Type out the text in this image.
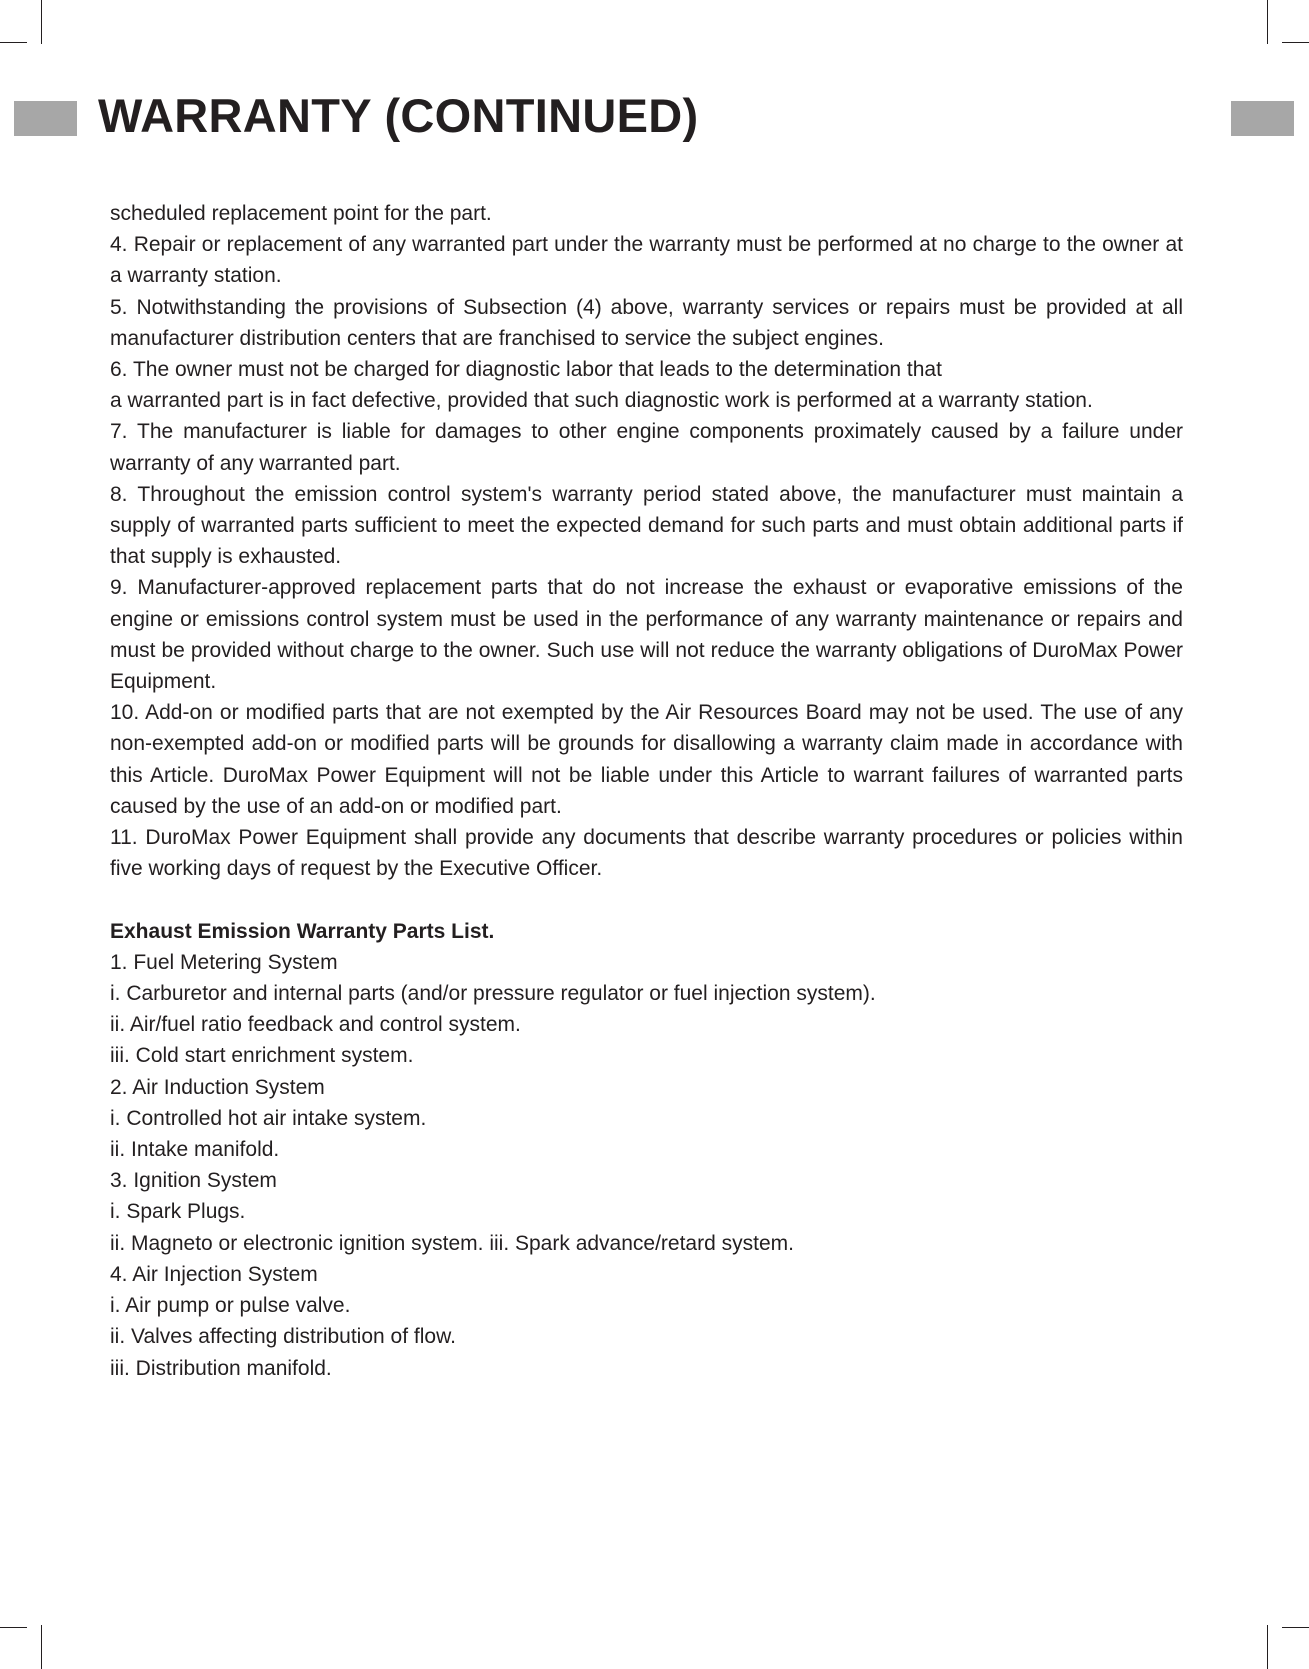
WARRANTY (CONTINUED)

scheduled replacement point for the part.

4. Repair or replacement of any warranted part under the warranty must be performed at no charge to the owner at a warranty station.

5. Notwithstanding the provisions of Subsection (4) above, warranty services or repairs must be provided at all manufacturer distribution centers that are franchised to service the subject engines.

6. The owner must not be charged for diagnostic labor that leads to the determination that

a warranted part is in fact defective, provided that such diagnostic work is performed at a warranty station.

7. The manufacturer is liable for damages to other engine components proximately caused by a failure under warranty of any warranted part.

8. Throughout the emission control system's warranty period stated above, the manufacturer must maintain a supply of warranted parts sufficient to meet the expected demand for such parts and must obtain additional parts if that supply is exhausted.

9. Manufacturer-approved replacement parts that do not increase the exhaust or evaporative emissions of the engine or emissions control system must be used in the performance of any warranty maintenance or repairs and must be provided without charge to the owner. Such use will not reduce the warranty obligations of DuroMax Power Equipment.

10. Add-on or modified parts that are not exempted by the Air Resources Board may not be used. The use of any non-exempted add-on or modified parts will be grounds for disallowing a warranty claim made in accordance with this Article. DuroMax Power Equipment will not be liable under this Article to warrant failures of warranted parts caused by the use of an add-on or modified part.

11. DuroMax Power Equipment shall provide any documents that describe warranty procedures or policies within five working days of request by the Executive Officer.

Exhaust Emission Warranty Parts List.

1. Fuel Metering System

i. Carburetor and internal parts (and/or pressure regulator or fuel injection system).

ii. Air/fuel ratio feedback and control system.

iii. Cold start enrichment system.

2. Air Induction System

i. Controlled hot air intake system.

ii. Intake manifold.

3. Ignition System

i. Spark Plugs.

ii. Magneto or electronic ignition system. iii. Spark advance/retard system.

4. Air Injection System

i. Air pump or pulse valve.

ii. Valves affecting distribution of flow.

iii. Distribution manifold.
